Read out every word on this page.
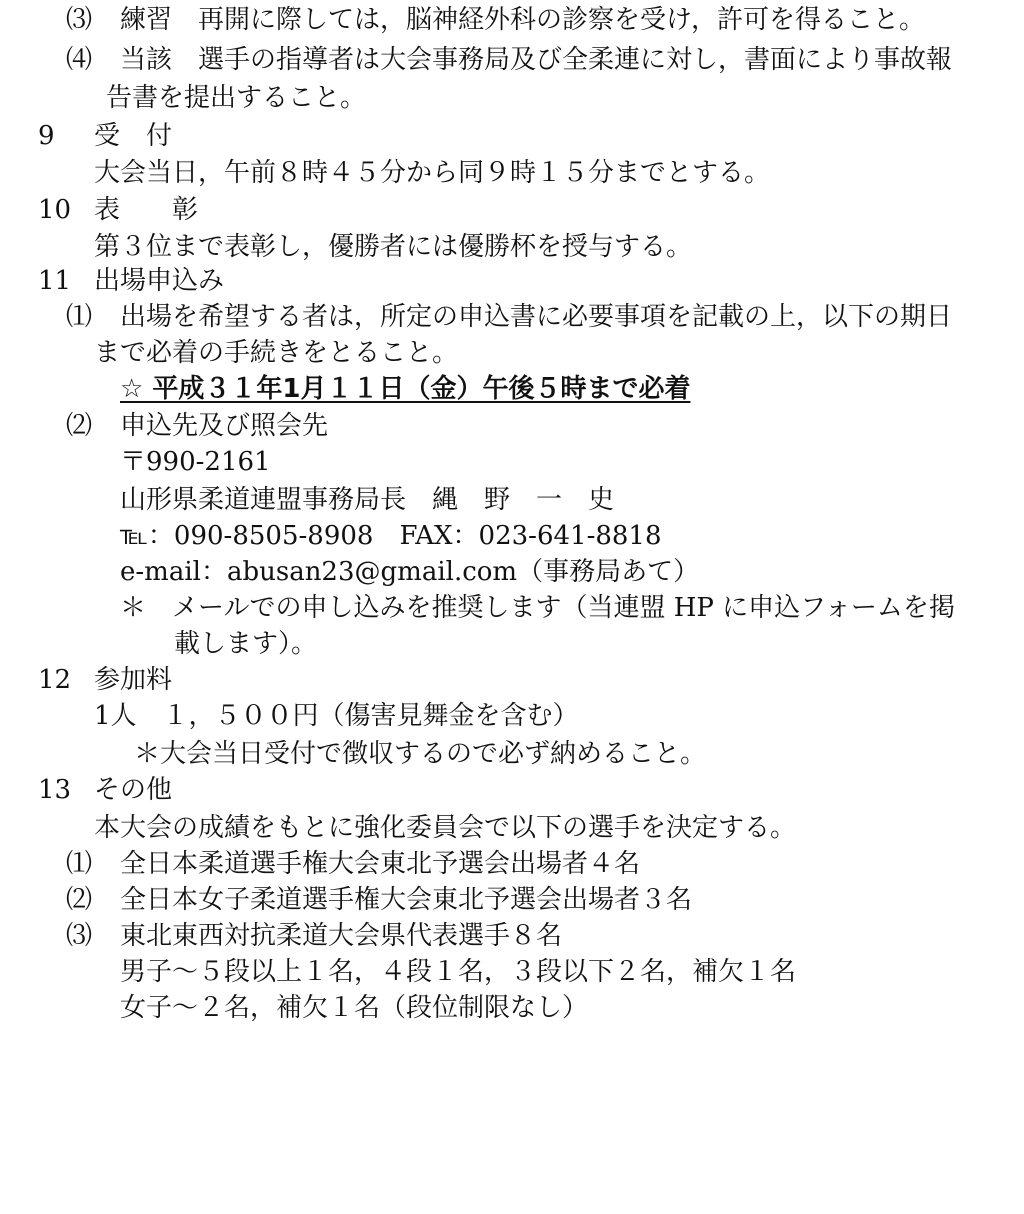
⑶ 練習　再開に際しては，脳神経外科の診察を受け，許可を得ること。
⑷ 当該　選手の指導者は大会事務局及び全柔連に対し，書面により事故報
告書を提出すること。
9 受　付
大会当日，午前８時４５分から同９時１５分までとする。
10 表　　彰
第３位まで表彰し，優勝者には優勝杯を授与する。
11 出場申込み
⑴ 出場を希望する者は，所定の申込書に必要事項を記載の上，以下の期日
まで必着の手続きをとること。
☆ 平成３１年1月１１日（金）午後５時まで必着
⑵ 申込先及び照会先
〒990-2161
山形県柔道連盟事務局長　縄　野　一　史
℡：090-8505-8908　FAX：023-641-8818
e-mail：abusan23@gmail.com（事務局あて）
＊　メールでの申し込みを推奨します（当連盟 HP に申込フォームを掲
載します）。
12 参加料
1人　１，５００円（傷害見舞金を含む）
＊大会当日受付で徴収するので必ず納めること。
13 その他
本大会の成績をもとに強化委員会で以下の選手を決定する。
⑴ 全日本柔道選手権大会東北予選会出場者４名
⑵ 全日本女子柔道選手権大会東北予選会出場者３名
⑶ 東北東西対抗柔道大会県代表選手８名
男子～５段以上１名，４段１名，３段以下２名，補欠１名
女子～２名，補欠１名（段位制限なし）
